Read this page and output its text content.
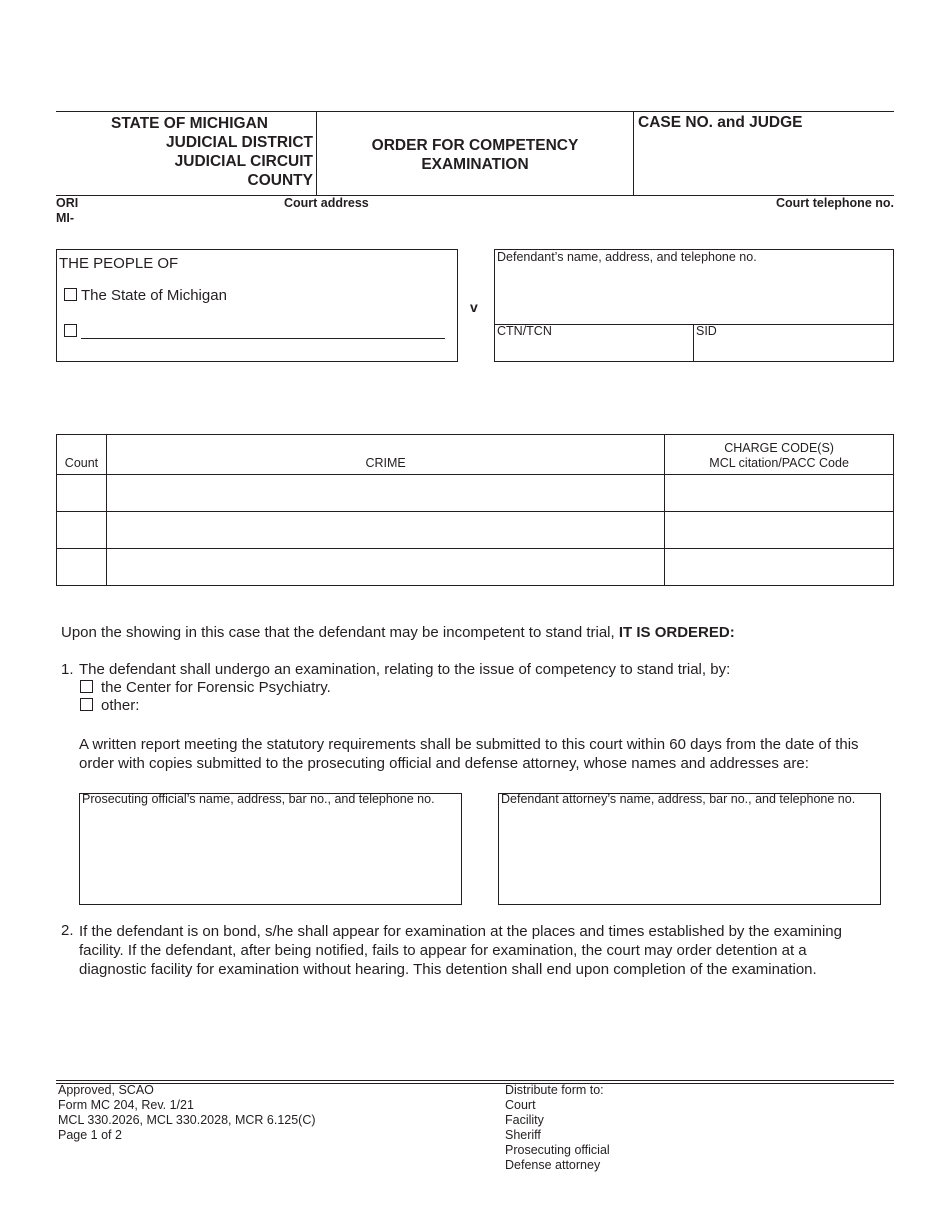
STATE OF MICHIGAN
JUDICIAL DISTRICT
JUDICIAL CIRCUIT
COUNTY
ORDER FOR COMPETENCY
EXAMINATION
CASE NO. and JUDGE
ORI
MI-
Court address	Court telephone no.
THE PEOPLE OF
The State of Michigan
v
Defendant’s name, address, and telephone no.
CTN/TCN	SID
Count	CRIME	CHARGE CODE(S)
MCL citation/PACC Code

Upon the showing in this case that the defendant may be incompetent to stand trial, IT IS ORDERED:
1. The defendant shall undergo an examination, relating to the issue of competency to stand trial, by:
the Center for Forensic Psychiatry.
other:
A written report meeting the statutory requirements shall be submitted to this court within 60 days from the date of this
order with copies submitted to the prosecuting official and defense attorney, whose names and addresses are:
Prosecuting official’s name, address, bar no., and telephone no.	Defendant attorney’s name, address, bar no., and telephone no.
2. If the defendant is on bond, s/he shall appear for examination at the places and times established by the examining
facility. If the defendant, after being notified, fails to appear for examination, the court may order detention at a
diagnostic facility for examination without hearing. This detention shall end upon completion of the examination.
Approved, SCAO
Form MC 204, Rev. 1/21
MCL 330.2026, MCL 330.2028, MCR 6.125(C)
Page 1 of 2
Distribute form to:
Court
Facility
Sheriff
Prosecuting official
Defense attorney
